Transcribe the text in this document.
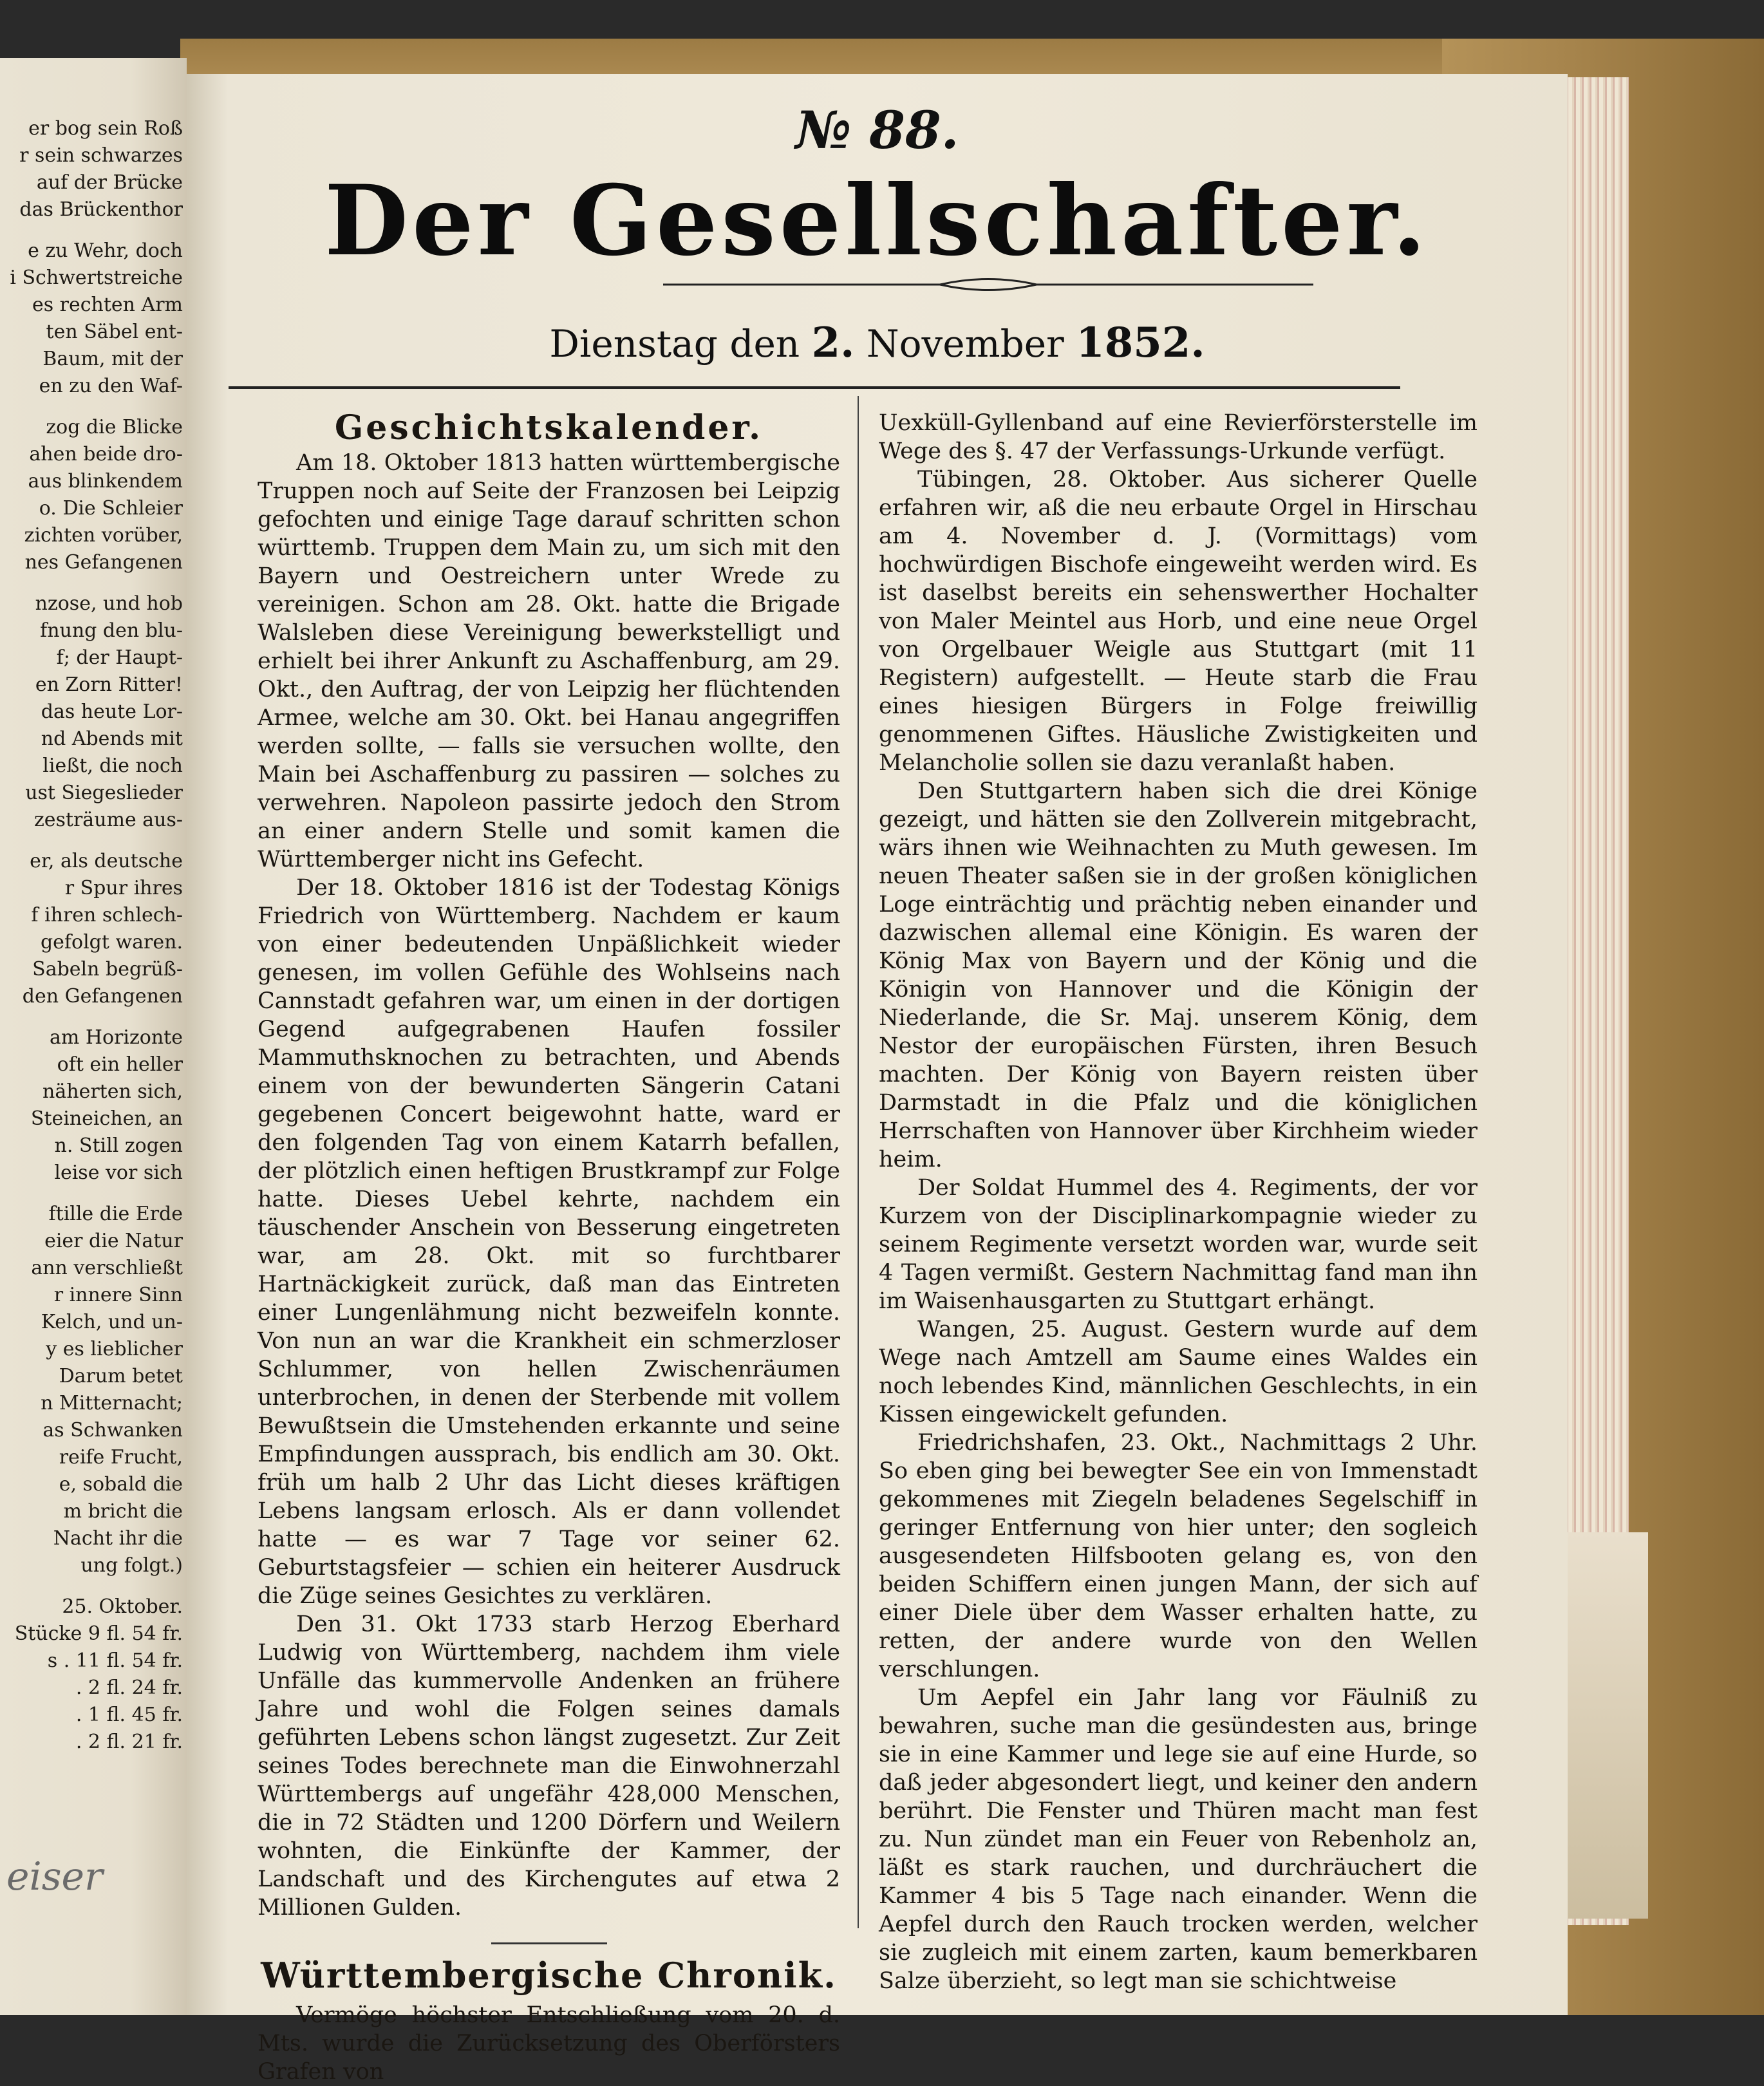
er bog sein Roß
r sein schwarzes
auf der Brücke
das Brückenthor
e zu Wehr, doch
i Schwertstreiche
es rechten Arm
ten Säbel ent-
Baum, mit der
en zu den Waf-
zog die Blicke
ahen beide dro-
aus blinkendem
o. Die Schleier
zichten vorüber,
nes Gefangenen
nzose, und hob
fnung den blu-
f; der Haupt-
en Zorn Ritter!
das heute Lor-
nd Abends mit
ließt, die noch
ust Siegeslieder
zesträume aus-
er, als deutsche
r Spur ihres
f ihren schlech-
gefolgt waren.
Sabeln begrüß-
den Gefangenen
am Horizonte
oft ein heller
näherten sich,
Steineichen, an
n. Still zogen
leise vor sich
ftille die Erde
eier die Natur
ann verschließt
r innere Sinn
Kelch, und un-
y es lieblicher
Darum betet
n Mitternacht;
as Schwanken
reife Frucht,
e, sobald die
m bricht die
Nacht ihr die
ung folgt.)
25. Oktober.
Stücke 9 fl. 54 fr.
s . 11 fl. 54 fr.
. 2 fl. 24 fr.
. 1 fl. 45 fr.
. 2 fl. 21 fr.
№ 88.
Der Gesellschafter.
Dienstag den 2. November 1852.
Geschichtskalender.

Am 18. Oktober 1813 hatten württembergische Truppen noch auf Seite der Franzosen bei Leipzig gefochten und einige Tage darauf schritten schon württemb. Truppen dem Main zu, um sich mit den Bayern und Oestreichern unter Wrede zu vereinigen. Schon am 28. Okt. hatte die Brigade Walsleben diese Vereinigung bewerkstelligt und erhielt bei ihrer Ankunft zu Aschaffenburg, am 29. Okt., den Auftrag, der von Leipzig her flüchtenden Armee, welche am 30. Okt. bei Hanau angegriffen werden sollte, — falls sie versuchen wollte, den Main bei Aschaffenburg zu passiren — solches zu verwehren. Napoleon passirte jedoch den Strom an einer andern Stelle und somit kamen die Württemberger nicht ins Gefecht.

Der 18. Oktober 1816 ist der Todestag Königs Friedrich von Württemberg. Nachdem er kaum von einer bedeutenden Unpäßlichkeit wieder genesen, im vollen Gefühle des Wohlseins nach Cannstadt gefahren war, um einen in der dortigen Gegend aufgegrabenen Haufen fossiler Mammuthsknochen zu betrachten, und Abends einem von der bewunderten Sängerin Catani gegebenen Concert beigewohnt hatte, ward er den folgenden Tag von einem Katarrh befallen, der plötzlich einen heftigen Brustkrampf zur Folge hatte. Dieses Uebel kehrte, nachdem ein täuschender Anschein von Besserung eingetreten war, am 28. Okt. mit so furchtbarer Hartnäckigkeit zurück, daß man das Eintreten einer Lungenlähmung nicht bezweifeln konnte. Von nun an war die Krankheit ein schmerzloser Schlummer, von hellen Zwischenräumen unterbrochen, in denen der Sterbende mit vollem Bewußtsein die Umstehenden erkannte und seine Empfindungen aussprach, bis endlich am 30. Okt. früh um halb 2 Uhr das Licht dieses kräftigen Lebens langsam erlosch. Als er dann vollendet hatte — es war 7 Tage vor seiner 62. Geburtstagsfeier — schien ein heiterer Ausdruck die Züge seines Gesichtes zu verklären.

Den 31. Okt 1733 starb Herzog Eberhard Ludwig von Württemberg, nachdem ihm viele Unfälle das kummervolle Andenken an frühere Jahre und wohl die Folgen seines damals geführten Lebens schon längst zugesetzt. Zur Zeit seines Todes berechnete man die Einwohnerzahl Württembergs auf ungefähr 428,000 Menschen, die in 72 Städten und 1200 Dörfern und Weilern wohnten, die Einkünfte der Kammer, der Landschaft und des Kirchengutes auf etwa 2 Millionen Gulden.

Württembergische Chronik.

Vermöge höchster Entschließung vom 20. d. Mts. wurde die Zurücksetzung des Oberförsters Grafen von

Uexküll-Gyllenband auf eine Revierförsterstelle im Wege des §. 47 der Verfassungs-Urkunde verfügt.

Tübingen, 28. Oktober. Aus sicherer Quelle erfahren wir, aß die neu erbaute Orgel in Hirschau am 4. November d. J. (Vormittags) vom hochwürdigen Bischofe eingeweiht werden wird. Es ist daselbst bereits ein sehenswerther Hochalter von Maler Meintel aus Horb, und eine neue Orgel von Orgelbauer Weigle aus Stuttgart (mit 11 Registern) aufgestellt. — Heute starb die Frau eines hiesigen Bürgers in Folge freiwillig genommenen Giftes. Häusliche Zwistigkeiten und Melancholie sollen sie dazu veranlaßt haben.

Den Stuttgartern haben sich die drei Könige gezeigt, und hätten sie den Zollverein mitgebracht, wärs ihnen wie Weihnachten zu Muth gewesen. Im neuen Theater saßen sie in der großen königlichen Loge einträchtig und prächtig neben einander und dazwischen allemal eine Königin. Es waren der König Max von Bayern und der König und die Königin von Hannover und die Königin der Niederlande, die Sr. Maj. unserem König, dem Nestor der europäischen Fürsten, ihren Besuch machten. Der König von Bayern reisten über Darmstadt in die Pfalz und die königlichen Herrschaften von Hannover über Kirchheim wieder heim.

Der Soldat Hummel des 4. Regiments, der vor Kurzem von der Disciplinarkompagnie wieder zu seinem Regimente versetzt worden war, wurde seit 4 Tagen vermißt. Gestern Nachmittag fand man ihn im Waisenhausgarten zu Stuttgart erhängt.

Wangen, 25. August. Gestern wurde auf dem Wege nach Amtzell am Saume eines Waldes ein noch lebendes Kind, männlichen Geschlechts, in ein Kissen eingewickelt gefunden.

Friedrichshafen, 23. Okt., Nachmittags 2 Uhr. So eben ging bei bewegter See ein von Immenstadt gekommenes mit Ziegeln beladenes Segelschiff in geringer Entfernung von hier unter; den sogleich ausgesendeten Hilfsbooten gelang es, von den beiden Schiffern einen jungen Mann, der sich auf einer Diele über dem Wasser erhalten hatte, zu retten, der andere wurde von den Wellen verschlungen.

Um Aepfel ein Jahr lang vor Fäulniß zu bewahren, suche man die gesündesten aus, bringe sie in eine Kammer und lege sie auf eine Hurde, so daß jeder abgesondert liegt, und keiner den andern berührt. Die Fenster und Thüren macht man fest zu. Nun zündet man ein Feuer von Rebenholz an, läßt es stark rauchen, und durchräuchert die Kammer 4 bis 5 Tage nach einander. Wenn die Aepfel durch den Rauch trocken werden, welcher sie zugleich mit einem zarten, kaum bemerkbaren Salze überzieht, so legt man sie schichtweise

eiser
